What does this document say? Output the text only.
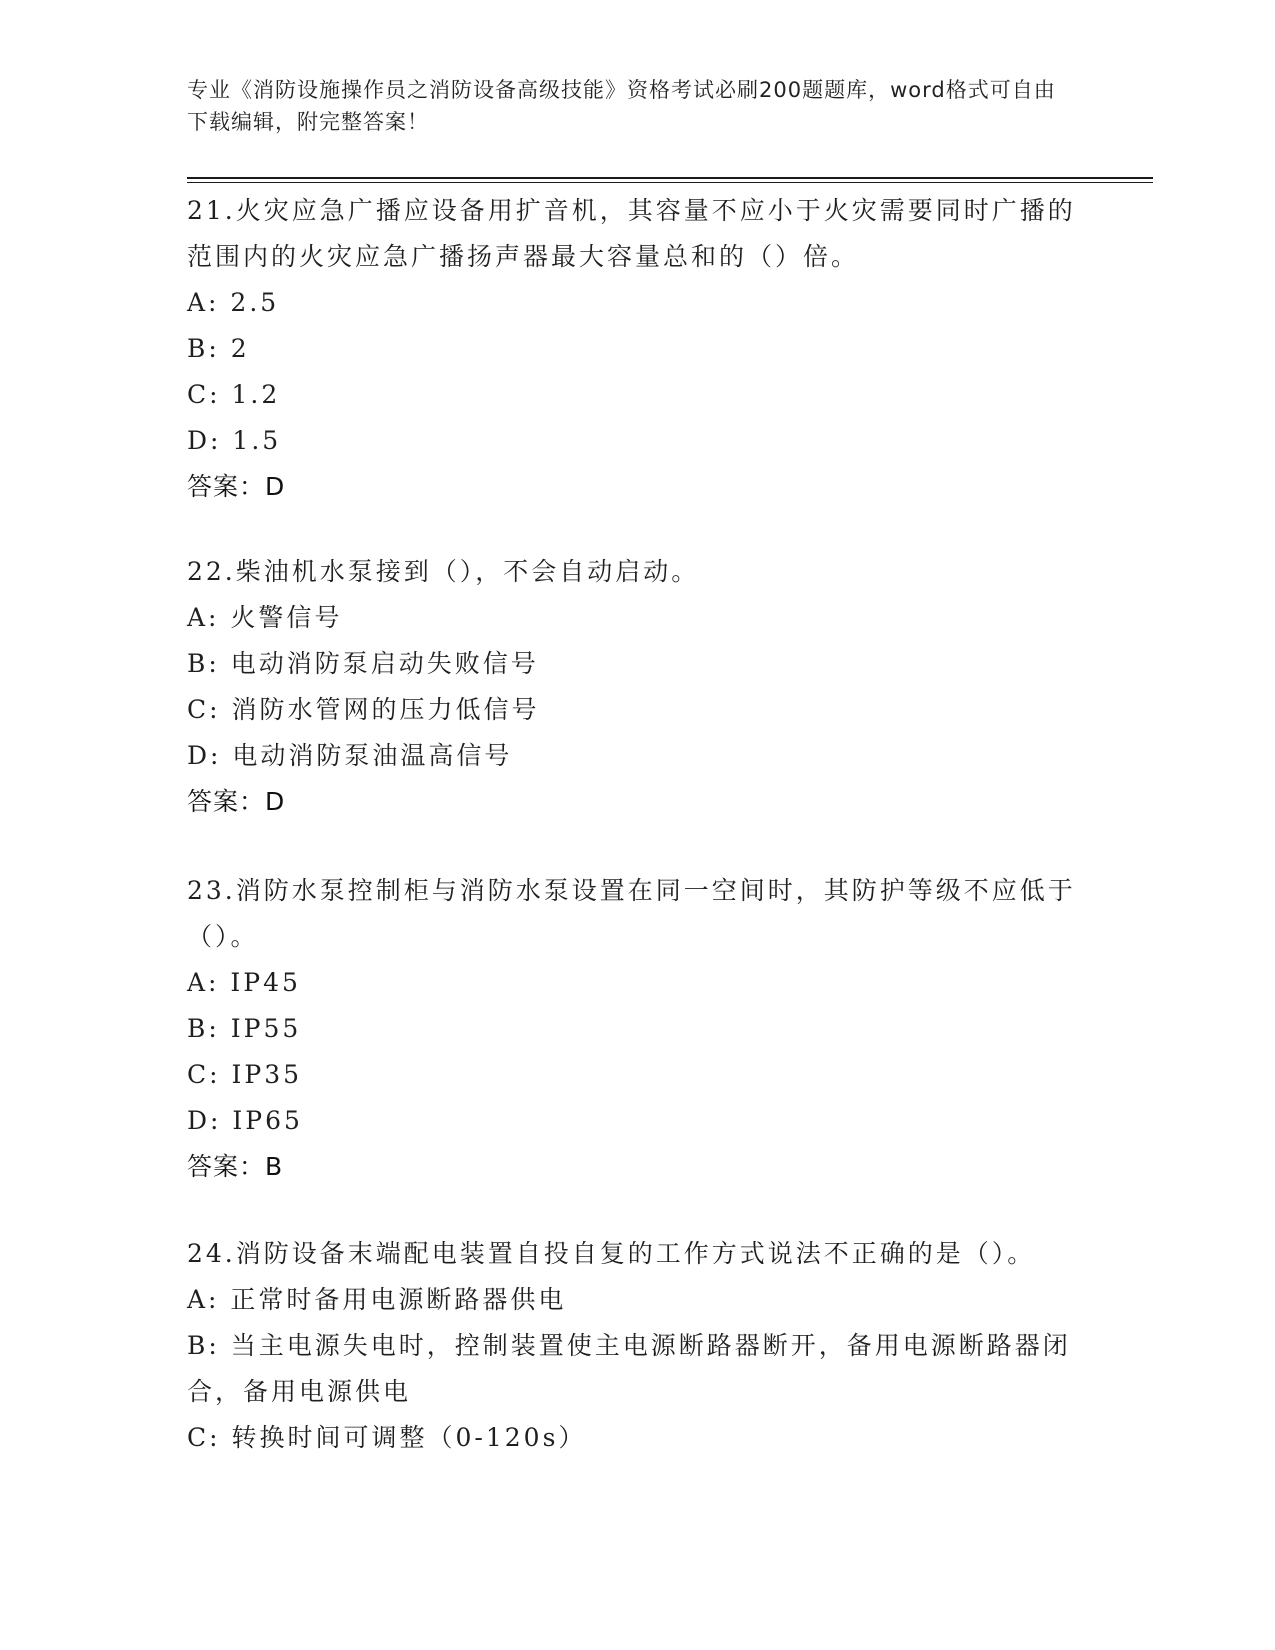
专业《消防设施操作员之消防设备高级技能》资格考试必刷200题题库，word格式可自由下载编辑，附完整答案！
21.火灾应急广播应设备用扩音机，其容量不应小于火灾需要同时广播的范围内的火灾应急广播扬声器最大容量总和的（）倍。
A: 2.5
B: 2
C: 1.2
D: 1.5
答案：D
22.柴油机水泵接到（），不会自动启动。
A: 火警信号
B: 电动消防泵启动失败信号
C: 消防水管网的压力低信号
D: 电动消防泵油温高信号
答案：D
23.消防水泵控制柜与消防水泵设置在同一空间时，其防护等级不应低于（）。
A: IP45
B: IP55
C: IP35
D: IP65
答案：B
24.消防设备末端配电装置自投自复的工作方式说法不正确的是（）。
A: 正常时备用电源断路器供电
B: 当主电源失电时，控制装置使主电源断路器断开，备用电源断路器闭合，备用电源供电
C: 转换时间可调整（0-120s）
